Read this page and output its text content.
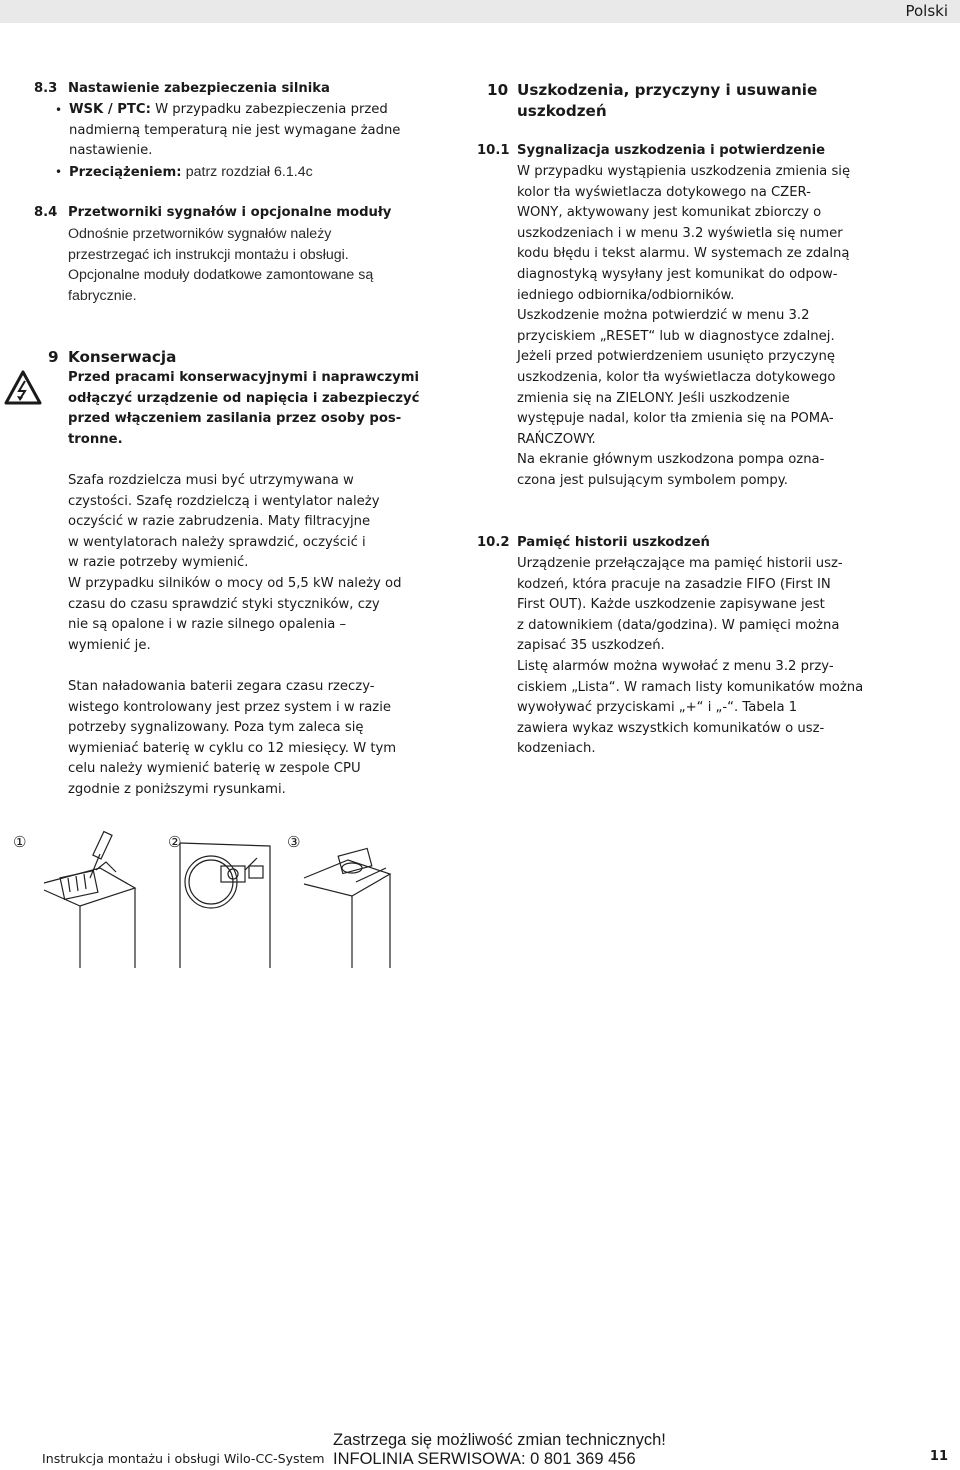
Polski
8.3 Nastawienie zabezpieczenia silnika
• WSK / PTC: W przypadku zabezpieczenia przed
nadmierną temperaturą nie jest wymagane żadne
nastawienie.
• Przeciążeniem: patrz rozdział 6.1.4c
8.4 Przetworniki sygnałów i opcjonalne moduły

Odnośnie przetworników sygnałów należy

przestrzegać ich instrukcji montażu i obsługi.

Opcjonalne moduły dodatkowe zamontowane są

fabrycznie.

9 Konserwacja

Przed pracami konserwacyjnymi i naprawczymi

odłączyć urządzenie od napięcia i zabezpieczyć

przed włączeniem zasilania przez osoby pos-

tronne.

Szafa rozdzielcza musi być utrzymywana w

czystości. Szafę rozdzielczą i wentylator należy

oczyścić w razie zabrudzenia. Maty filtracyjne

w wentylatorach należy sprawdzić, oczyścić i

w razie potrzeby wymienić.

W przypadku silników o mocy od 5,5 kW należy od

czasu do czasu sprawdzić styki styczników, czy

nie są opalone i w razie silnego opalenia –

wymienić je.

Stan naładowania baterii zegara czasu rzeczy-

wistego kontrolowany jest przez system i w razie

potrzeby sygnalizowany. Poza tym zaleca się

wymieniać baterię w cyklu co 12 miesięcy. W tym

celu należy wymienić baterię w zespole CPU

zgodnie z poniższymi rysunkami.

①	②	③
10 Uszkodzenia, przyczyny i usuwanie

uszkodzeń

10.1 Sygnalizacja uszkodzenia i potwierdzenie

W przypadku wystąpienia uszkodzenia zmienia się

kolor tła wyświetlacza dotykowego na CZER-

WONY, aktywowany jest komunikat zbiorczy o

uszkodzeniach i w menu 3.2 wyświetla się numer

kodu błędu i tekst alarmu. W systemach ze zdalną

diagnostyką wysyłany jest komunikat do odpow-

iedniego odbiornika/odbiorników.

Uszkodzenie można potwierdzić w menu 3.2

przyciskiem „RESET“ lub w diagnostyce zdalnej.

Jeżeli przed potwierdzeniem usunięto przyczynę

uszkodzenia, kolor tła wyświetlacza dotykowego

zmienia się na ZIELONY. Jeśli uszkodzenie

występuje nadal, kolor tła zmienia się na POMA-

RAŃCZOWY.

Na ekranie głównym uszkodzona pompa ozna-

czona jest pulsującym symbolem pompy.

10.2 Pamięć historii uszkodzeń

Urządzenie przełączające ma pamięć historii usz-

kodzeń, która pracuje na zasadzie FIFO (First IN

First OUT). Każde uszkodzenie zapisywane jest

z datownikiem (data/godzina). W pamięci można

zapisać 35 uszkodzeń.

Listę alarmów można wywołać z menu 3.2 przy-

ciskiem „Lista“. W ramach listy komunikatów można

wywoływać przyciskami „+“ i „-“. Tabela 1

zawiera wykaz wszystkich komunikatów o usz-

kodzeniach.

Instrukcja montażu i obsługi Wilo-CC-System

Zastrzega się możliwość zmian technicznych!

INFOLINIA SERWISOWA: 0 801 369 456	11
